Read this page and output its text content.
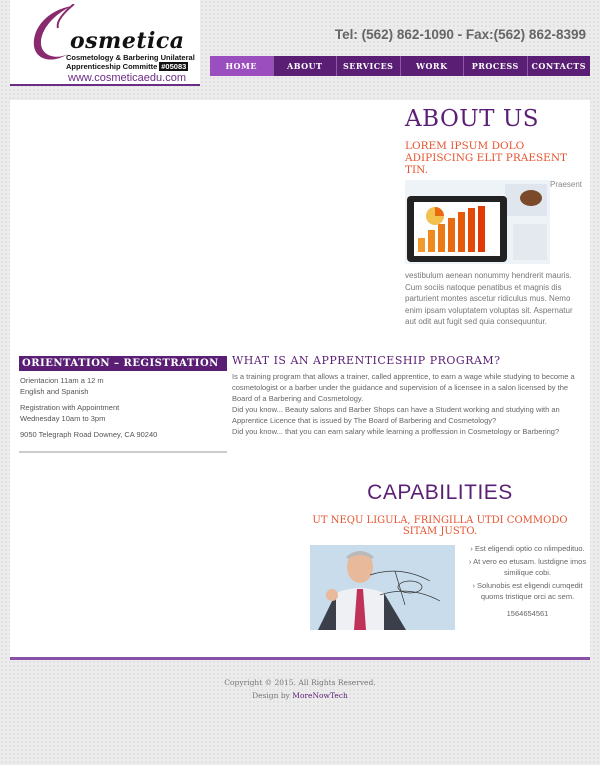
osmetica
Cosmetology & Barbering Unilateral
Apprenticeship Committe #05083
www.cosmeticaedu.com
Tel: (562) 862-1090 - Fax:(562) 862-8399
HOME	ABOUT	SERVICES	WORK	PROCESS	CONTACTS
ABOUT US
LOREM IPSUM DOLO ADIPISCING ELIT PRAESENT TIN.
Praesent
vestibulum aenean nonummy hendrerit mauris. Cum sociis natoque penatibus et magnis dis parturient montes ascetur ridiculus mus. Nemo enim ipsam voluptatem voluptas sit. Aspernatur aut odit aut fugit sed quia consequuntur.
ORIENTATION – REGISTRATION

Orientacion 11am a 12 m
English and Spanish

Registration with Appointment
Wednesday 10am to 3pm

9050 Telegraph Road Downey, CA 90240

WHAT IS AN APPRENTICESHIP PROGRAM?
Is a training program that allows a trainer, called apprentice, to earn a wage while studying to become a cosmetologist or a barber under the guidance and supervision of a licensee in a salon licensed by the Board of a Barbering and Cosmetology.
Did you know... Beauty salons and Barber Shops can have a Student working and studying with an Apprentice Licence that is issued by The Board of Barbering and Cosmetology?
Did you know... that you can earn salary while learning a proffession in Cosmetology or Barbering?
CAPABILITIES
UT NEQU LIGULA, FRINGILLA UTDI COMMODO SITAM JUSTO.
› Est eligendi optio co nlimpedituo.
› At vero eo etusam. lustdigne imos similique cobi.
› Solunobis est eligendi cumqedit quoms tristique orci ac sem.
1564654561
Copyright © 2015. All Rights Reserved.
Design by MoreNowTech
